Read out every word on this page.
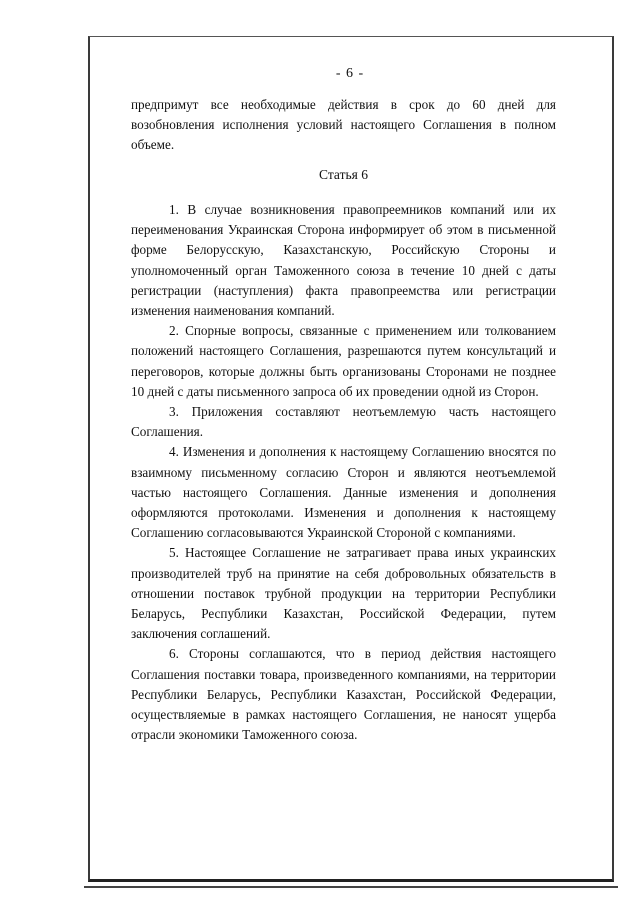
- 6 -

предпримут все необходимые действия в срок до 60 дней для возобновления исполнения условий настоящего Соглашения в полном объеме.

Статья 6

1. В случае возникновения правопреемников компаний или их переименования Украинская Сторона информирует об этом в письменной форме Белорусскую, Казахстанскую, Российскую Стороны и уполномоченный орган Таможенного союза в течение 10 дней с даты регистрации (наступления) факта правопреемства или регистрации изменения наименования компаний.

2. Спорные вопросы, связанные с применением или толкованием положений настоящего Соглашения, разрешаются путем консультаций и переговоров, которые должны быть организованы Сторонами не позднее 10 дней с даты письменного запроса об их проведении одной из Сторон.

3. Приложения составляют неотъемлемую часть настоящего Соглашения.

4. Изменения и дополнения к настоящему Соглашению вносятся по взаимному письменному согласию Сторон и являются неотъемлемой частью настоящего Соглашения. Данные изменения и дополнения оформляются протоколами. Изменения и дополнения к настоящему Соглашению согласовываются Украинской Стороной с компаниями.

5. Настоящее Соглашение не затрагивает права иных украинских производителей труб на принятие на себя добровольных обязательств в отношении поставок трубной продукции на территории Республики Беларусь, Республики Казахстан, Российской Федерации, путем заключения соглашений.

6. Стороны соглашаются, что в период действия настоящего Соглашения поставки товара, произведенного компаниями, на территории Республики Беларусь, Республики Казахстан, Российской Федерации, осуществляемые в рамках настоящего Соглашения, не наносят ущерба отрасли экономики Таможенного союза.
